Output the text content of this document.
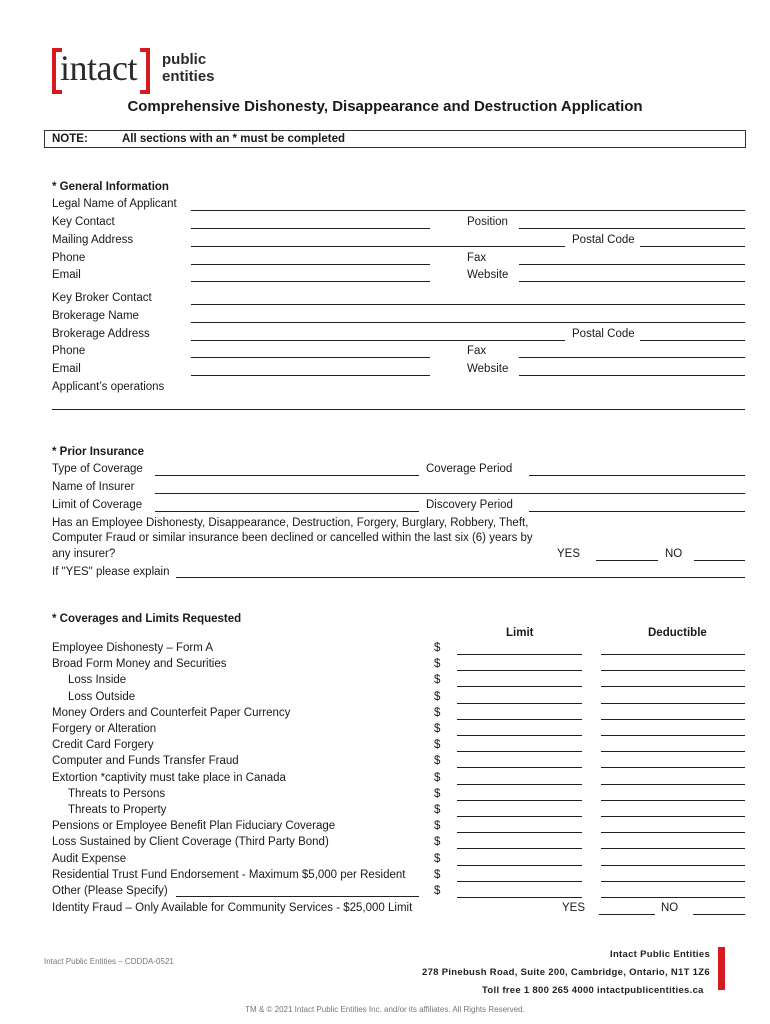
intact public
entities
Comprehensive Dishonesty, Disappearance and Destruction Application
NOTE:	All sections with an * must be completed
* General Information
Legal Name of Applicant
Key Contact	Position
Mailing Address	Postal Code
Phone	Fax
Email	Website
Key Broker Contact
Brokerage Name
Brokerage Address	Postal Code
Phone	Fax
Email	Website
Applicant’s operations
* Prior Insurance
Type of Coverage	Coverage Period
Name of Insurer
Limit of Coverage	Discovery Period
Has an Employee Dishonesty, Disappearance, Destruction, Forgery, Burglary, Robbery, Theft,
Computer Fraud or similar insurance been declined or cancelled within the last six (6) years by
any insurer?	YES	NO
If "YES" please explain
* Coverages and Limits Requested
Limit	Deductible
Employee Dishonesty – Form A	$
Broad Form Money and Securities	$
Loss Inside	$
Loss Outside	$
Money Orders and Counterfeit Paper Currency	$
Forgery or Alteration	$
Credit Card Forgery	$
Computer and Funds Transfer Fraud	$
Extortion *captivity must take place in Canada	$
Threats to Persons	$
Threats to Property	$
Pensions or Employee Benefit Plan Fiduciary Coverage	$
Loss Sustained by Client Coverage (Third Party Bond)	$
Audit Expense	$
Residential Trust Fund Endorsement - Maximum $5,000 per Resident $
Other (Please Specify)	$
Identity Fraud – Only Available for Community Services - $25,000 Limit	YES	NO
Intact Public Entities – CDDDA-0521
Intact Public Entities
278 Pinebush Road, Suite 200, Cambridge, Ontario, N1T 1Z6
Toll free 1 800 265 4000 intactpublicentities.ca
TM & © 2021 Intact Public Entities Inc. and/or its affiliates. All Rights Reserved.
